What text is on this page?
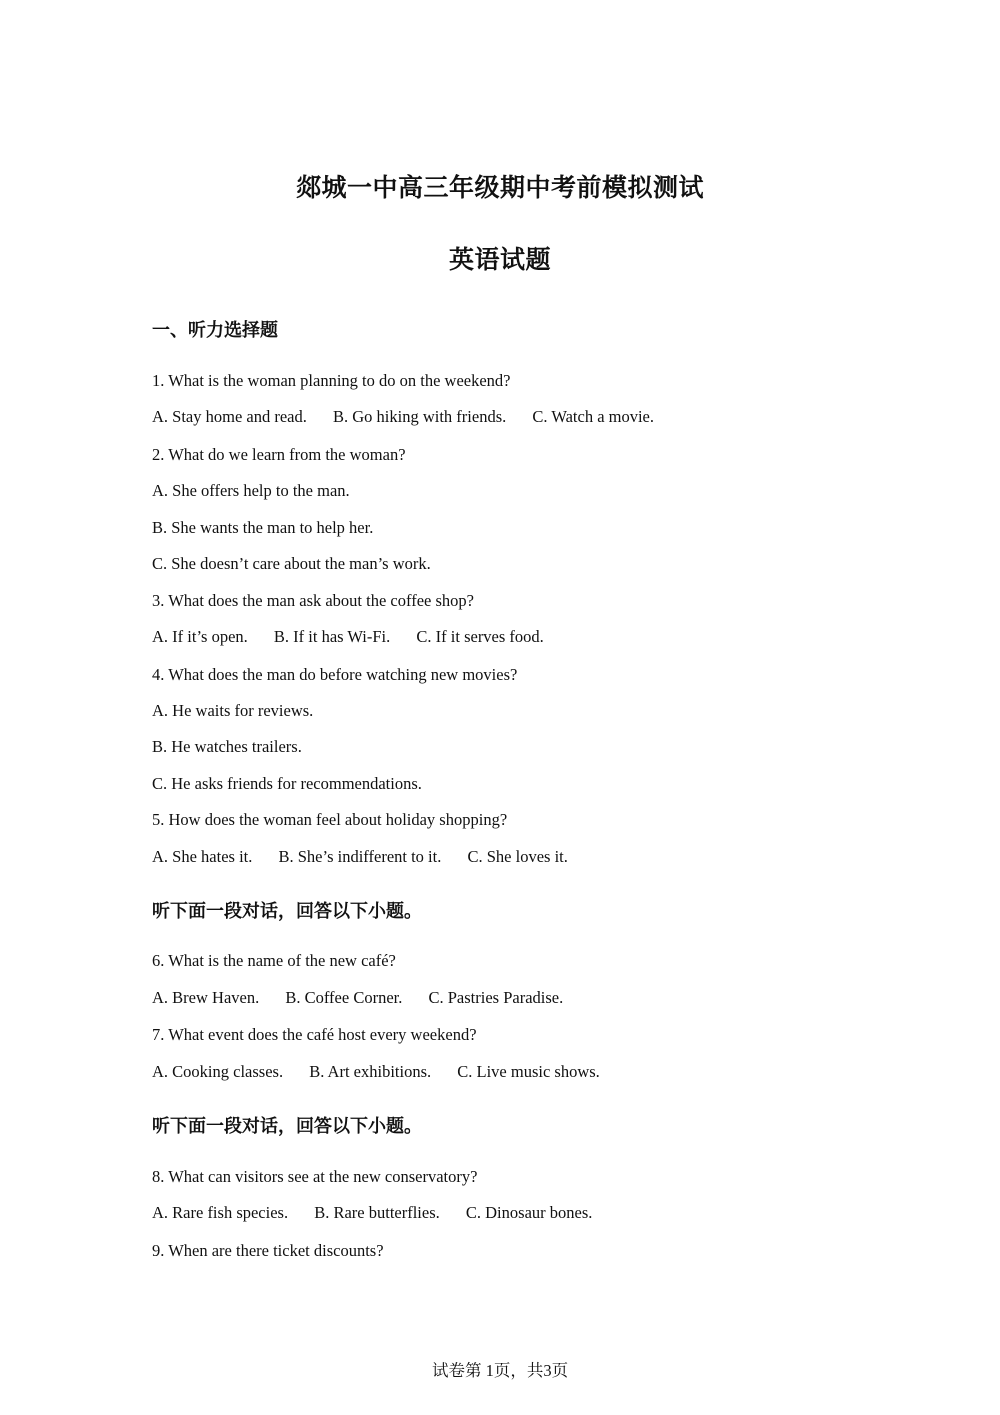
郯城一中高三年级期中考前模拟测试
英语试题
一、听力选择题
1. What is the woman planning to do on the weekend?
A. Stay home and read. B. Go hiking with friends. C. Watch a movie.
2. What do we learn from the woman?
A. She offers help to the man.
B. She wants the man to help her.
C. She doesn’t care about the man’s work.
3. What does the man ask about the coffee shop?
A. If it’s open. B. If it has Wi-Fi. C. If it serves food.
4. What does the man do before watching new movies?
A. He waits for reviews.
B. He watches trailers.
C. He asks friends for recommendations.
5. How does the woman feel about holiday shopping?
A. She hates it. B. She’s indifferent to it. C. She loves it.
听下面一段对话，回答以下小题。
6. What is the name of the new café?
A. Brew Haven. B. Coffee Corner. C. Pastries Paradise.
7. What event does the café host every weekend?
A. Cooking classes. B. Art exhibitions. C. Live music shows.
听下面一段对话，回答以下小题。
8. What can visitors see at the new conservatory?
A. Rare fish species. B. Rare butterflies. C. Dinosaur bones.
9. When are there ticket discounts?
试卷第 1页，共3页
